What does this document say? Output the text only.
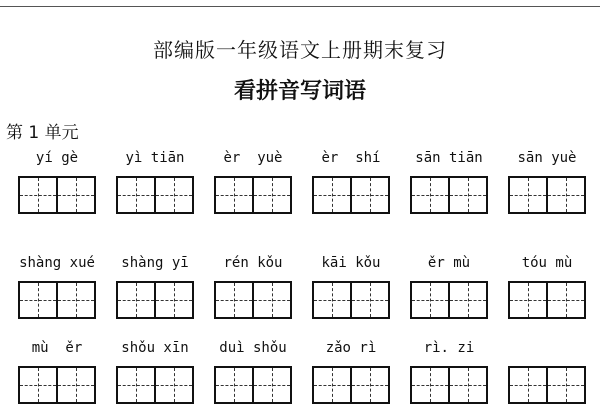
部编版一年级语文上册期末复习
看拼音写词语
第 1 单元
yí gè	yì tiān	èr  yuè	èr  shí	sān tiān	sān yuè
shàng xué	shàng yī	rén kǒu	kāi kǒu	ěr mù	tóu mù
mù  ěr	shǒu xīn	duì shǒu	zǎo rì	rì. zi
